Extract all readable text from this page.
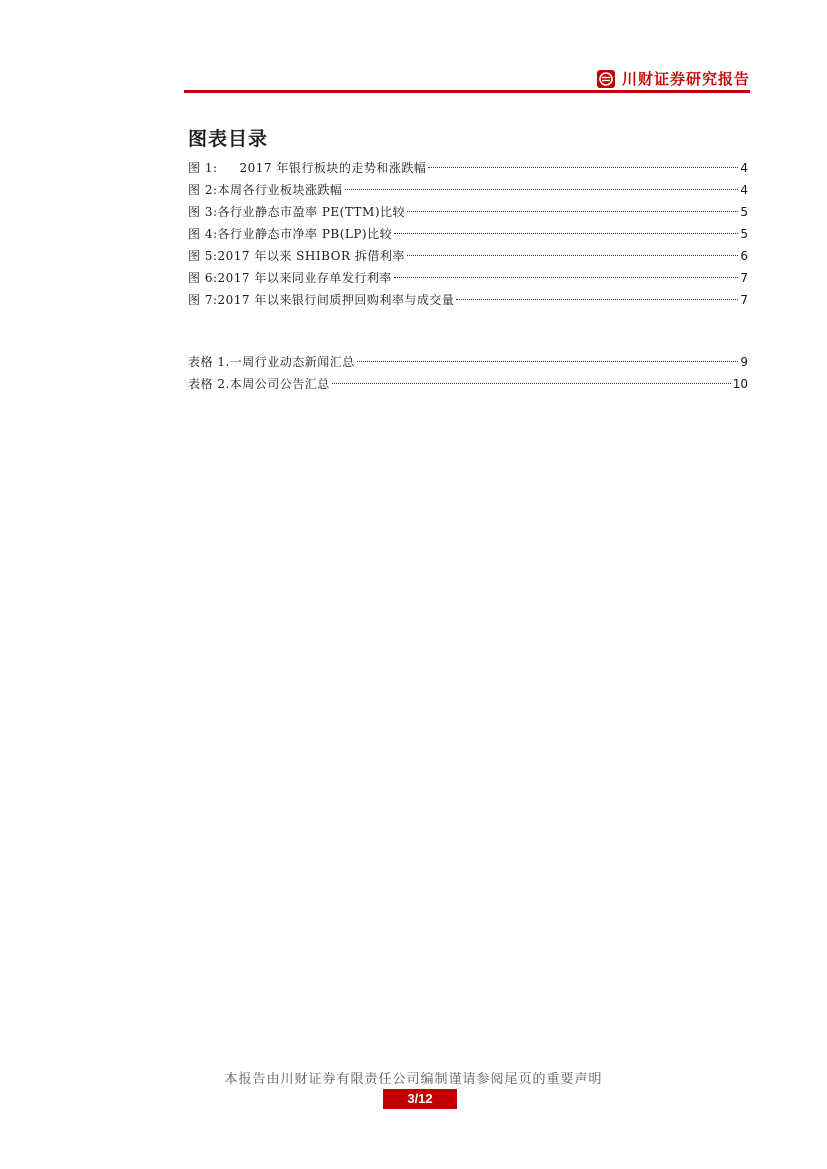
川财证券研究报告
图表目录
图 1: 2017 年银行板块的走势和涨跌幅	4
图 2: 本周各行业板块涨跌幅	4
图 3: 各行业静态市盈率 PE(TTM)比较	5
图 4: 各行业静态市净率 PB(LP)比较	5
图 5: 2017 年以来 SHIBOR 拆借利率	6
图 6: 2017 年以来同业存单发行利率	7
图 7: 2017 年以来银行间质押回购利率与成交量	7
表格 1. 一周行业动态新闻汇总	9
表格 2. 本周公司公告汇总	10
本报告由川财证券有限责任公司编制谨请参阅尾页的重要声明
3/12
